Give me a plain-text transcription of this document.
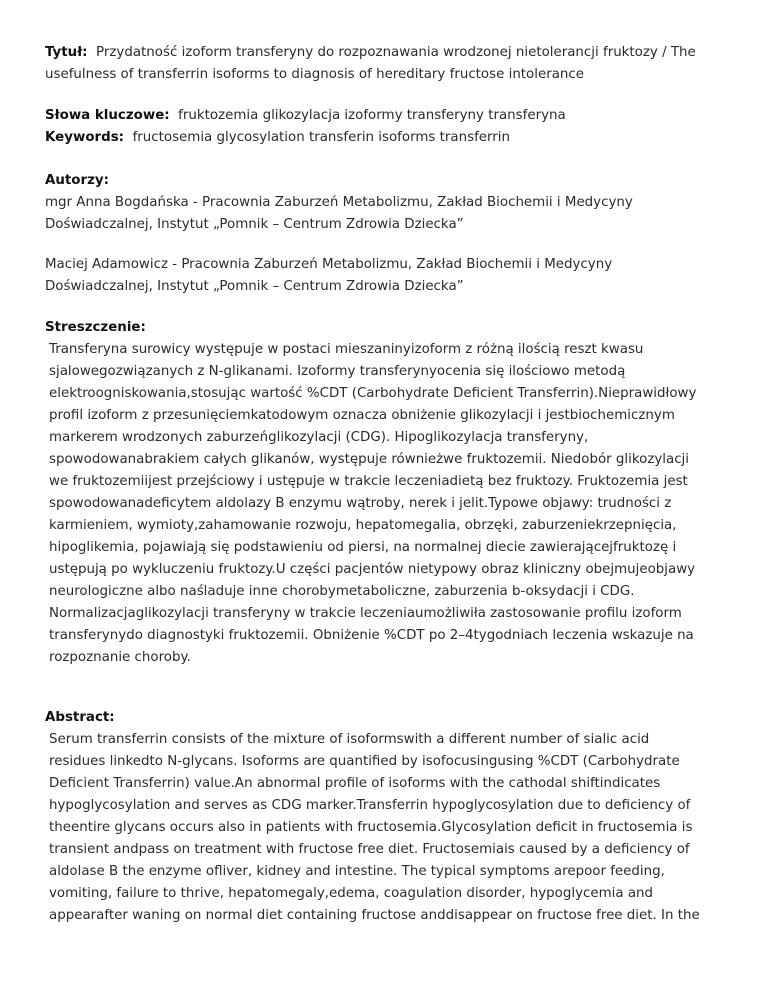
Tytuł: Przydatność izoform transferyny do rozpoznawania wrodzonej nietolerancji fruktozy / The
usefulness of transferrin isoforms to diagnosis of hereditary fructose intolerance
Słowa kluczowe: fruktozemia glikozylacja izoformy transferyny transferyna
Keywords: fructosemia glycosylation transferin isoforms transferrin
Autorzy:
mgr Anna Bogdańska - Pracownia Zaburzeń Metabolizmu, Zakład Biochemii i Medycyny
Doświadczalnej, Instytut „Pomnik – Centrum Zdrowia Dziecka”
Maciej Adamowicz - Pracownia Zaburzeń Metabolizmu, Zakład Biochemii i Medycyny
Doświadczalnej, Instytut „Pomnik – Centrum Zdrowia Dziecka”
Streszczenie:
Transferyna surowicy występuje w postaci mieszaninyizoform z różną ilością reszt kwasu
sjalowegozwiązanych z N-glikanami. Izoformy transferynyocenia się ilościowo metodą
elektroogniskowania,stosując wartość %CDT (Carbohydrate Deficient Transferrin).Nieprawidłowy
profil izoform z przesunięciemkatodowym oznacza obniżenie glikozylacji i jestbiochemicznym
markerem wrodzonych zaburzeńglikozylacji (CDG). Hipoglikozylacja transferyny,
spowodowanabrakiem całych glikanów, występuje równieżwe fruktozemii. Niedobór glikozylacji
we fruktozemiijest przejściowy i ustępuje w trakcie leczeniadietą bez fruktozy. Fruktozemia jest
spowodowanadeficytem aldolazy B enzymu wątroby, nerek i jelit.Typowe objawy: trudności z
karmieniem, wymioty,zahamowanie rozwoju, hepatomegalia, obrzęki, zaburzeniekrzepnięcia,
hipoglikemia, pojawiają się podstawieniu od piersi, na normalnej diecie zawierającejfruktozę i
ustępują po wykluczeniu fruktozy.U części pacjentów nietypowy obraz kliniczny obejmujeobjawy
neurologiczne albo naśladuje inne chorobymetaboliczne, zaburzenia b-oksydacji i CDG.
Normalizacjaglikozylacji transferyny w trakcie leczeniaumożliwiła zastosowanie profilu izoform
transferynydo diagnostyki fruktozemii. Obniżenie %CDT po 2–4tygodniach leczenia wskazuje na
rozpoznanie choroby.
Abstract:
Serum transferrin consists of the mixture of isoformswith a different number of sialic acid
residues linkedto N-glycans. Isoforms are quantified by isofocusingusing %CDT (Carbohydrate
Deficient Transferrin) value.An abnormal profile of isoforms with the cathodal shiftindicates
hypoglycosylation and serves as CDG marker.Transferrin hypoglycosylation due to deficiency of
theentire glycans occurs also in patients with fructosemia.Glycosylation deficit in fructosemia is
transient andpass on treatment with fructose free diet. Fructosemiais caused by a deficiency of
aldolase B the enzyme ofliver, kidney and intestine. The typical symptoms arepoor feeding,
vomiting, failure to thrive, hepatomegaly,edema, coagulation disorder, hypoglycemia and
appearafter waning on normal diet containing fructose anddisappear on fructose free diet. In the
